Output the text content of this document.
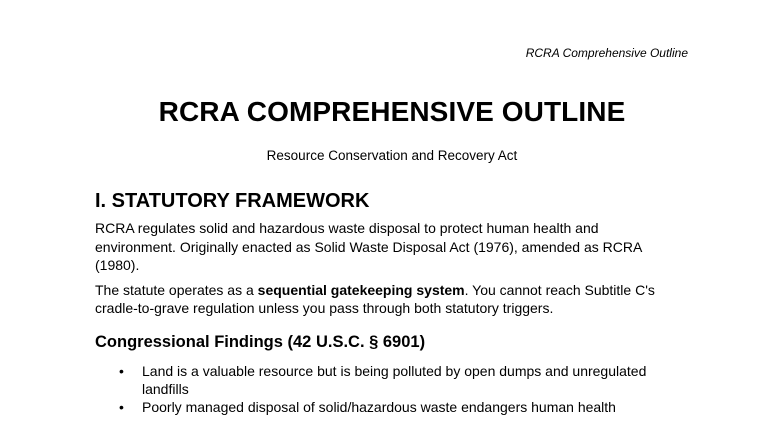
RCRA Comprehensive Outline
RCRA COMPREHENSIVE OUTLINE

Resource Conservation and Recovery Act

I. STATUTORY FRAMEWORK

RCRA regulates solid and hazardous waste disposal to protect human health and environment. Originally enacted as Solid Waste Disposal Act (1976), amended as RCRA (1980).

The statute operates as a sequential gatekeeping system. You cannot reach Subtitle C's cradle-to-grave regulation unless you pass through both statutory triggers.

Congressional Findings (42 U.S.C. § 6901)
• Land is a valuable resource but is being polluted by open dumps and unregulated landfills
• Poorly managed disposal of solid/hazardous waste endangers human health
